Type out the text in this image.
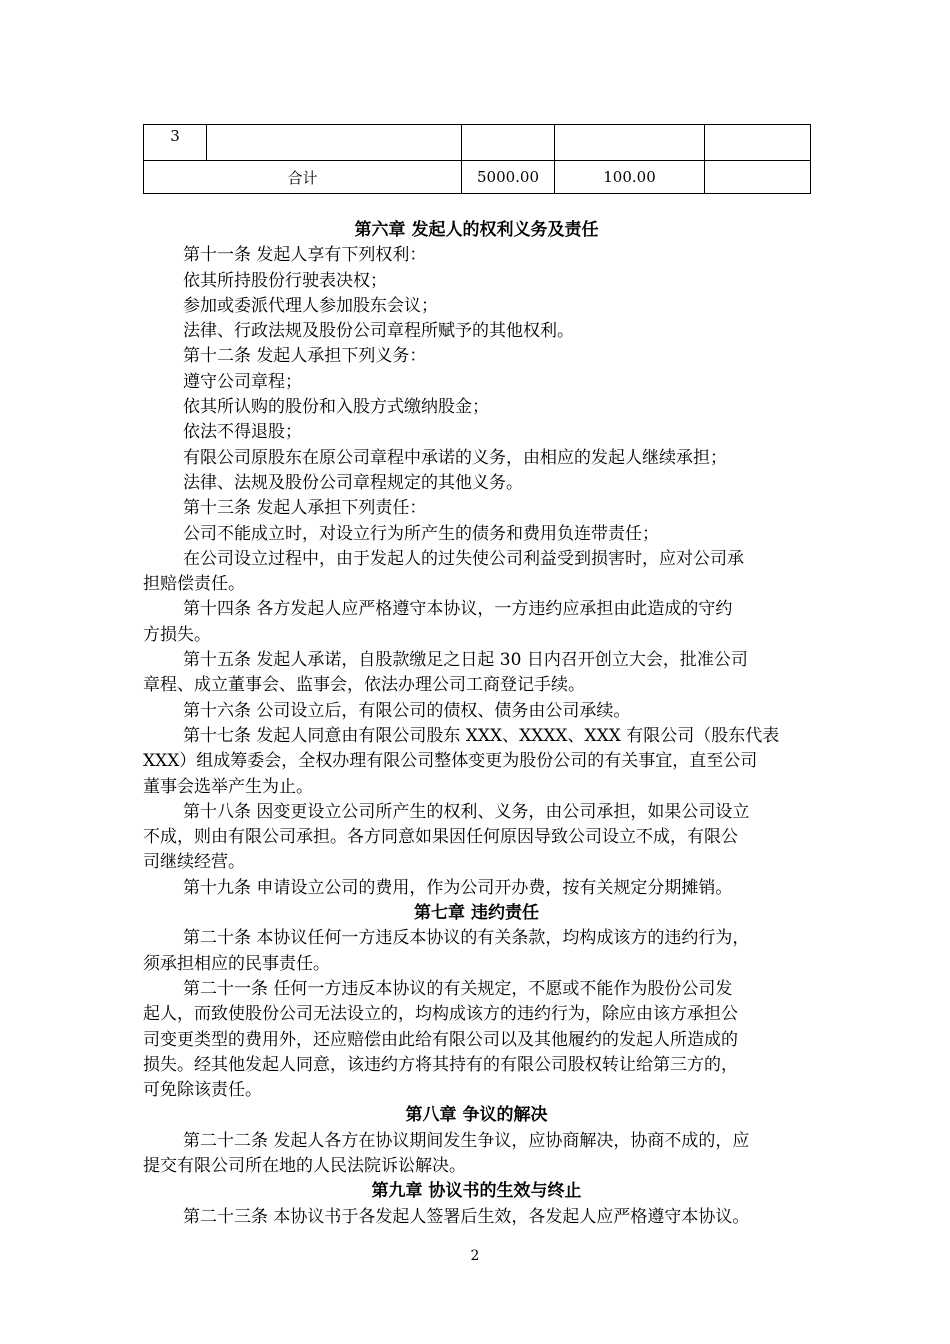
3				
合计		5000.00	100.00	
第六章 发起人的权利义务及责任
第十一条 发起人享有下列权利：
依其所持股份行驶表决权；
参加或委派代理人参加股东会议；
法律、行政法规及股份公司章程所赋予的其他权利。
第十二条 发起人承担下列义务：
遵守公司章程；
依其所认购的股份和入股方式缴纳股金；
依法不得退股；
有限公司原股东在原公司章程中承诺的义务，由相应的发起人继续承担；
法律、法规及股份公司章程规定的其他义务。
第十三条 发起人承担下列责任：
公司不能成立时，对设立行为所产生的债务和费用负连带责任；
在公司设立过程中，由于发起人的过失使公司利益受到损害时，应对公司承
担赔偿责任。
第十四条 各方发起人应严格遵守本协议，一方违约应承担由此造成的守约
方损失。
第十五条 发起人承诺，自股款缴足之日起 30 日内召开创立大会，批准公司
章程、成立董事会、监事会，依法办理公司工商登记手续。
第十六条 公司设立后，有限公司的债权、债务由公司承续。
第十七条 发起人同意由有限公司股东 XXX、XXXX、XXX 有限公司（股东代表
XXX）组成筹委会，全权办理有限公司整体变更为股份公司的有关事宜，直至公司
董事会选举产生为止。
第十八条 因变更设立公司所产生的权利、义务，由公司承担，如果公司设立
不成，则由有限公司承担。各方同意如果因任何原因导致公司设立不成，有限公
司继续经营。
第十九条 申请设立公司的费用，作为公司开办费，按有关规定分期摊销。
第七章 违约责任
第二十条 本协议任何一方违反本协议的有关条款，均构成该方的违约行为，
须承担相应的民事责任。
第二十一条 任何一方违反本协议的有关规定，不愿或不能作为股份公司发
起人，而致使股份公司无法设立的，均构成该方的违约行为，除应由该方承担公
司变更类型的费用外，还应赔偿由此给有限公司以及其他履约的发起人所造成的
损失。经其他发起人同意，该违约方将其持有的有限公司股权转让给第三方的，
可免除该责任。
第八章 争议的解决
第二十二条 发起人各方在协议期间发生争议，应协商解决，协商不成的，应
提交有限公司所在地的人民法院诉讼解决。
第九章 协议书的生效与终止
第二十三条 本协议书于各发起人签署后生效，各发起人应严格遵守本协议。
2
